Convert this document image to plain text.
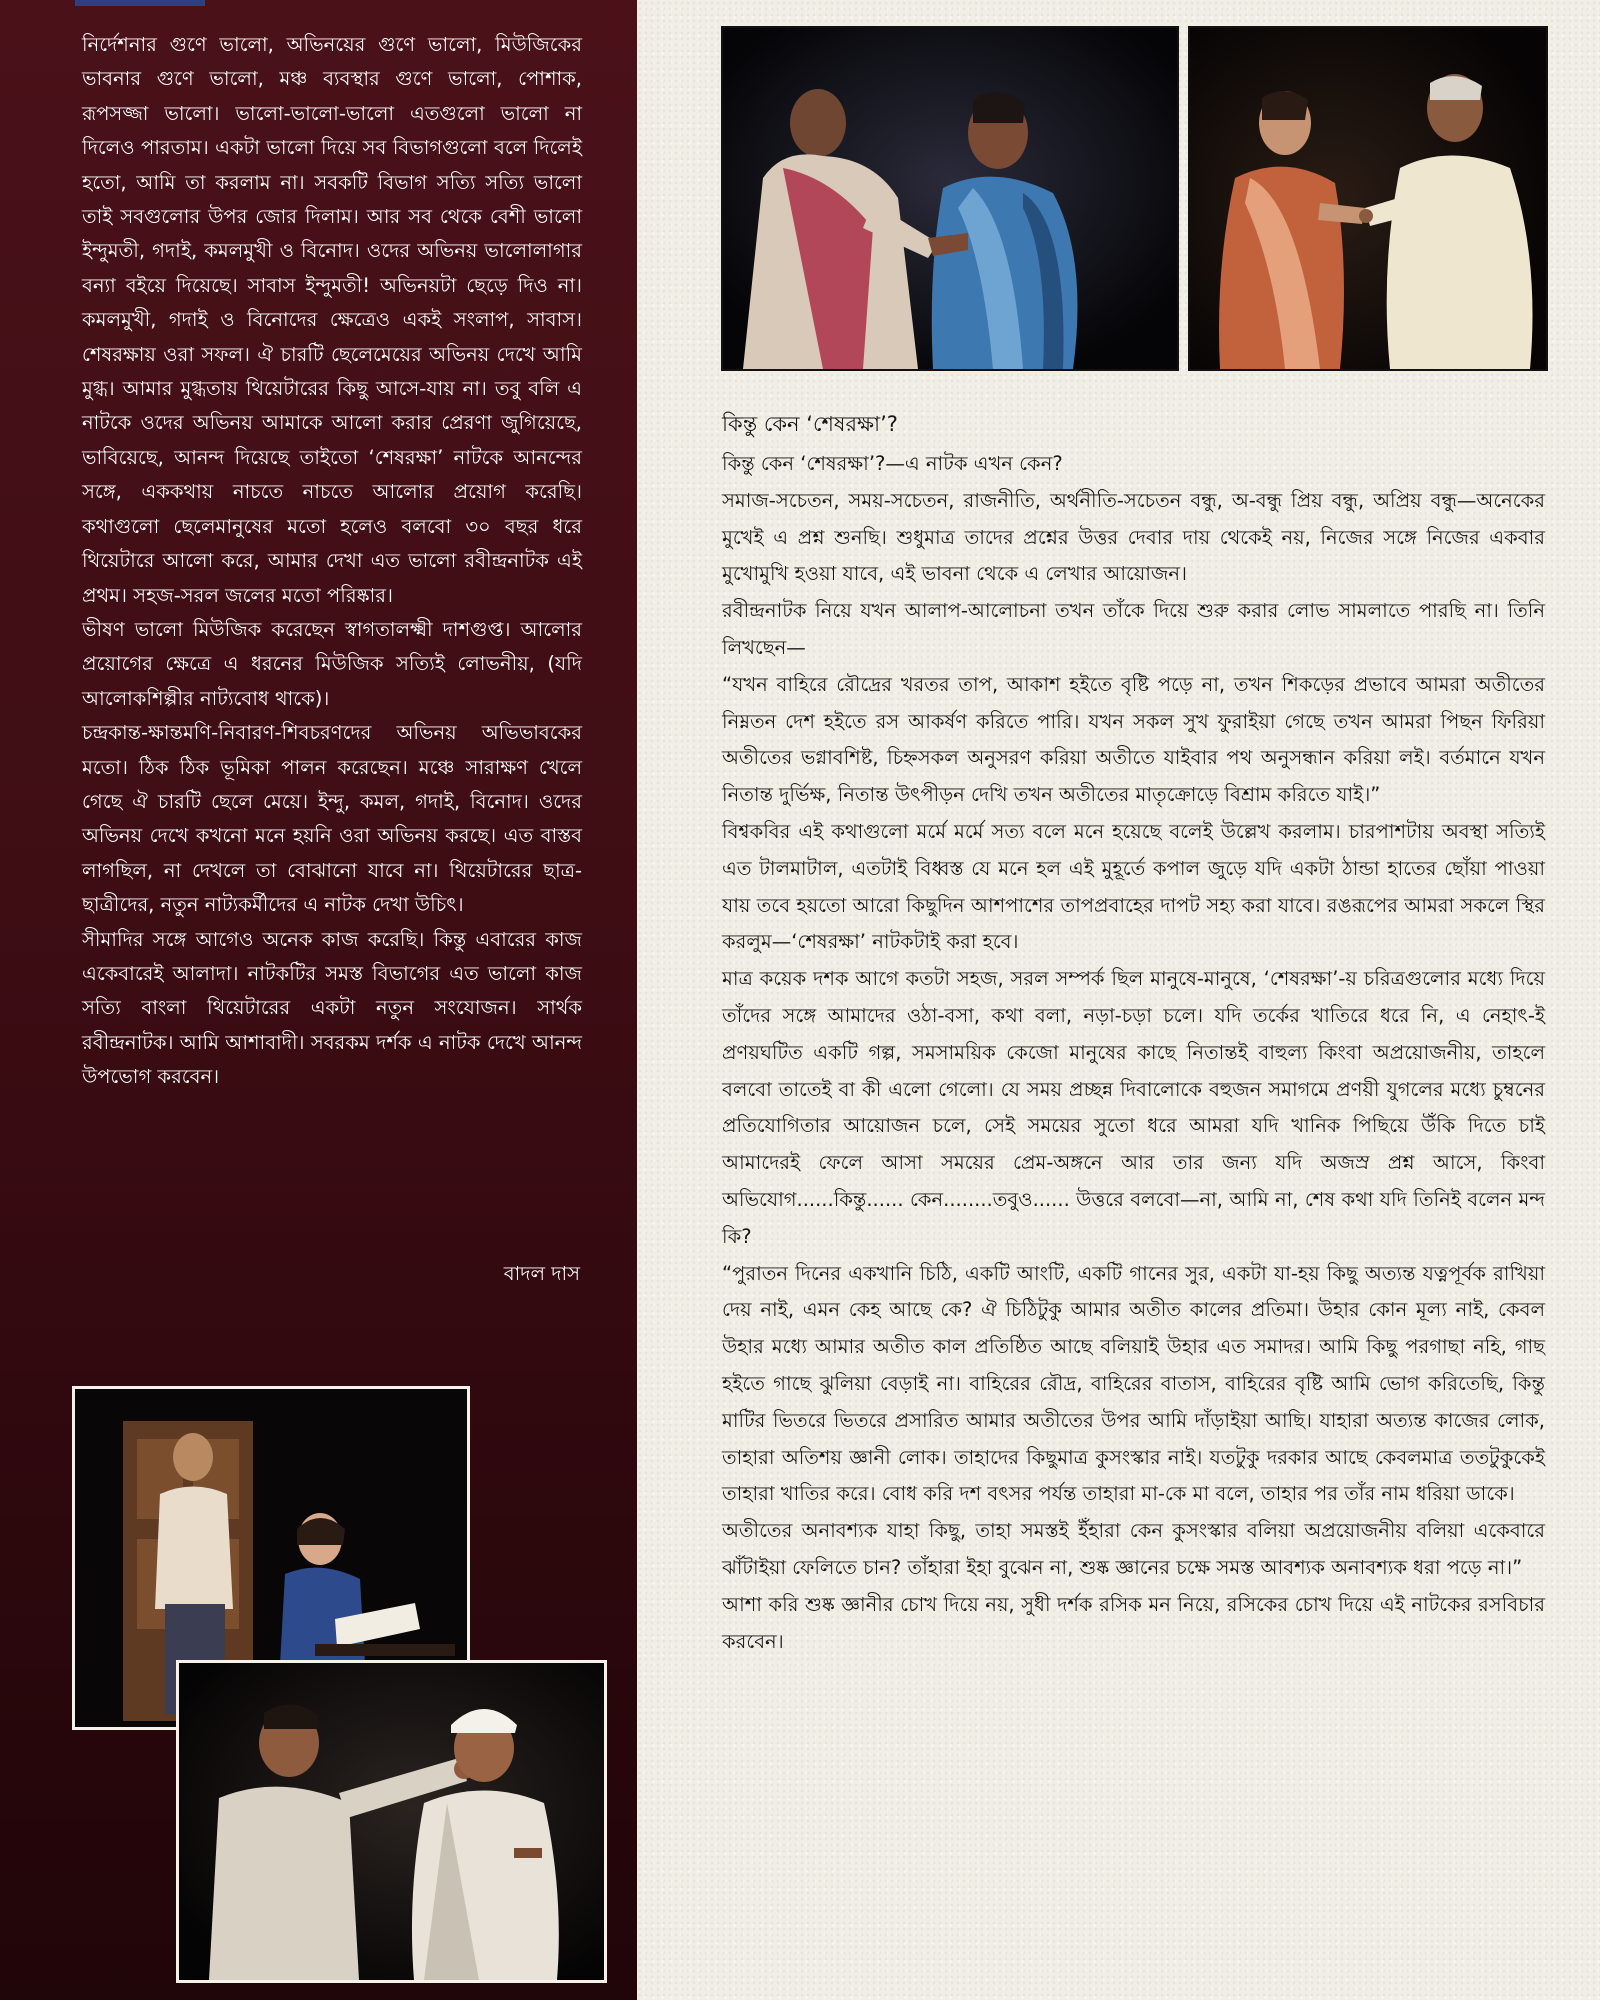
নির্দেশনার গুণে ভালো, অভিনয়ের গুণে ভালো, মিউজিকের ভাবনার গুণে ভালো, মঞ্চ ব্যবস্থার গুণে ভালো, পোশাক, রূপসজ্জা ভালো। ভালো-ভালো-ভালো এতগুলো ভালো না দিলেও পারতাম। একটা ভালো দিয়ে সব বিভাগগুলো বলে দিলেই হতো, আমি তা করলাম না। সবকটি বিভাগ সত্যি সত্যি ভালো তাই সবগুলোর উপর জোর দিলাম। আর সব থেকে বেশী ভালো ইন্দুমতী, গদাই, কমলমুখী ও বিনোদ। ওদের অভিনয় ভালোলাগার বন্যা বইয়ে দিয়েছে। সাবাস ইন্দুমতী! অভিনয়টা ছেড়ে দিও না। কমলমুখী, গদাই ও বিনোদের ক্ষেত্রেও একই সংলাপ, সাবাস। শেষরক্ষায় ওরা সফল। ঐ চারটি ছেলেমেয়ের অভিনয় দেখে আমি মুগ্ধ। আমার মুগ্ধতায় থিয়েটারের কিছু আসে-যায় না। তবু বলি এ নাটকে ওদের অভিনয় আমাকে আলো করার প্রেরণা জুগিয়েছে, ভাবিয়েছে, আনন্দ দিয়েছে তাইতো ‘শেষরক্ষা’ নাটকে আনন্দের সঙ্গে, এককথায় নাচতে নাচতে আলোর প্রয়োগ করেছি। কথাগুলো ছেলেমানুষের মতো হলেও বলবো ৩০ বছর ধরে থিয়েটারে আলো করে, আমার দেখা এত ভালো রবীন্দ্রনাটক এই প্রথম। সহজ-সরল জলের মতো পরিষ্কার।

ভীষণ ভালো মিউজিক করেছেন স্বাগতালক্ষ্মী দাশগুপ্ত। আলোর প্রয়োগের ক্ষেত্রে এ ধরনের মিউজিক সত্যিই লোভনীয়, (যদি আলোকশিল্পীর নাট্যবোধ থাকে)।

চন্দ্রকান্ত-ক্ষান্তমণি-নিবারণ-শিবচরণদের অভিনয় অভিভাবকের মতো। ঠিক ঠিক ভূমিকা পালন করেছেন। মঞ্চে সারাক্ষণ খেলে গেছে ঐ চারটি ছেলে মেয়ে। ইন্দু, কমল, গদাই, বিনোদ। ওদের অভিনয় দেখে কখনো মনে হয়নি ওরা অভিনয় করছে। এত বাস্তব লাগছিল, না দেখলে তা বোঝানো যাবে না। থিয়েটারের ছাত্র-ছাত্রীদের, নতুন নাট্যকর্মীদের এ নাটক দেখা উচিৎ।

সীমাদির সঙ্গে আগেও অনেক কাজ করেছি। কিন্তু এবারের কাজ একেবারেই আলাদা। নাটকটির সমস্ত বিভাগের এত ভালো কাজ সত্যি বাংলা থিয়েটারের একটা নতুন সংযোজন। সার্থক রবীন্দ্রনাটক। আমি আশাবাদী। সবরকম দর্শক এ নাটক দেখে আনন্দ উপভোগ করবেন।

বাদল দাস

কিন্তু কেন ‘শেষরক্ষা’?

কিন্তু কেন ‘শেষরক্ষা’?—এ নাটক এখন কেন?

সমাজ-সচেতন, সময়-সচেতন, রাজনীতি, অর্থনীতি-সচেতন বন্ধু, অ-বন্ধু প্রিয় বন্ধু, অপ্রিয় বন্ধু—অনেকের মুখেই এ প্রশ্ন শুনছি। শুধুমাত্র তাদের প্রশ্নের উত্তর দেবার দায় থেকেই নয়, নিজের সঙ্গে নিজের একবার মুখোমুখি হওয়া যাবে, এই ভাবনা থেকে এ লেখার আয়োজন।

রবীন্দ্রনাটক নিয়ে যখন আলাপ-আলোচনা তখন তাঁকে দিয়ে শুরু করার লোভ সামলাতে পারছি না। তিনি লিখছেন—

“যখন বাহিরে রৌদ্রের খরতর তাপ, আকাশ হইতে বৃষ্টি পড়ে না, তখন শিকড়ের প্রভাবে আমরা অতীতের নিম্নতন দেশ হইতে রস আকর্ষণ করিতে পারি। যখন সকল সুখ ফুরাইয়া গেছে তখন আমরা পিছন ফিরিয়া অতীতের ভগ্নাবশিষ্ট, চিহ্নসকল অনুসরণ করিয়া অতীতে যাইবার পথ অনুসন্ধান করিয়া লই। বর্তমানে যখন নিতান্ত দুর্ভিক্ষ, নিতান্ত উৎপীড়ন দেখি তখন অতীতের মাতৃক্রোড়ে বিশ্রাম করিতে যাই।”

বিশ্বকবির এই কথাগুলো মর্মে মর্মে সত্য বলে মনে হয়েছে বলেই উল্লেখ করলাম। চারপাশটায় অবস্থা সত্যিই এত টালমাটাল, এতটাই বিধ্বস্ত যে মনে হল এই মুহূর্তে কপাল জুড়ে যদি একটা ঠান্ডা হাতের ছোঁয়া পাওয়া যায় তবে হয়তো আরো কিছুদিন আশপাশের তাপপ্রবাহের দাপট সহ্য করা যাবে। রঙরূপের আমরা সকলে স্থির করলুম—‘শেষরক্ষা’ নাটকটাই করা হবে।

মাত্র কয়েক দশক আগে কতটা সহজ, সরল সম্পর্ক ছিল মানুষে-মানুষে, ‘শেষরক্ষা’-য় চরিত্রগুলোর মধ্যে দিয়ে তাঁদের সঙ্গে আমাদের ওঠা-বসা, কথা বলা, নড়া-চড়া চলে। যদি তর্কের খাতিরে ধরে নি, এ নেহাৎ-ই প্রণয়ঘটিত একটি গল্প, সমসাময়িক কেজো মানুষের কাছে নিতান্তই বাহুল্য কিংবা অপ্রয়োজনীয়, তাহলে বলবো তাতেই বা কী এলো গেলো। যে সময় প্রচ্ছন্ন দিবালোকে বহুজন সমাগমে প্রণয়ী যুগলের মধ্যে চুম্বনের প্রতিযোগিতার আয়োজন চলে, সেই সময়ের সুতো ধরে আমরা যদি খানিক পিছিয়ে উঁকি দিতে চাই আমাদেরই ফেলে আসা সময়ের প্রেম-অঙ্গনে আর তার জন্য যদি অজস্র প্রশ্ন আসে, কিংবা অভিযোগ......কিন্তু...... কেন........তবুও...... উত্তরে বলবো—না, আমি না, শেষ কথা যদি তিনিই বলেন মন্দ কি?

“পুরাতন দিনের একখানি চিঠি, একটি আংটি, একটি গানের সুর, একটা যা-হয় কিছু অত্যন্ত যত্নপূর্বক রাখিয়া দেয় নাই, এমন কেহ আছে কে? ঐ চিঠিটুকু আমার অতীত কালের প্রতিমা। উহার কোন মূল্য নাই, কেবল উহার মধ্যে আমার অতীত কাল প্রতিষ্ঠিত আছে বলিয়াই উহার এত সমাদর। আমি কিছু পরগাছা নহি, গাছ হইতে গাছে ঝুলিয়া বেড়াই না। বাহিরের রৌদ্র, বাহিরের বাতাস, বাহিরের বৃষ্টি আমি ভোগ করিতেছি, কিন্তু মাটির ভিতরে ভিতরে প্রসারিত আমার অতীতের উপর আমি দাঁড়াইয়া আছি। যাহারা অত্যন্ত কাজের লোক, তাহারা অতিশয় জ্ঞানী লোক। তাহাদের কিছুমাত্র কুসংস্কার নাই। যতটুকু দরকার আছে কেবলমাত্র ততটুকুকেই তাহারা খাতির করে। বোধ করি দশ বৎসর পর্যন্ত তাহারা মা-কে মা বলে, তাহার পর তাঁর নাম ধরিয়া ডাকে।

অতীতের অনাবশ্যক যাহা কিছু, তাহা সমস্তই ইঁহারা কেন কুসংস্কার বলিয়া অপ্রয়োজনীয় বলিয়া একেবারে ঝাঁটাইয়া ফেলিতে চান? তাঁহারা ইহা বুঝেন না, শুষ্ক জ্ঞানের চক্ষে সমস্ত আবশ্যক অনাবশ্যক ধরা পড়ে না।”

আশা করি শুষ্ক জ্ঞানীর চোখ দিয়ে নয়, সুধী দর্শক রসিক মন নিয়ে, রসিকের চোখ দিয়ে এই নাটকের রসবিচার করবেন।
